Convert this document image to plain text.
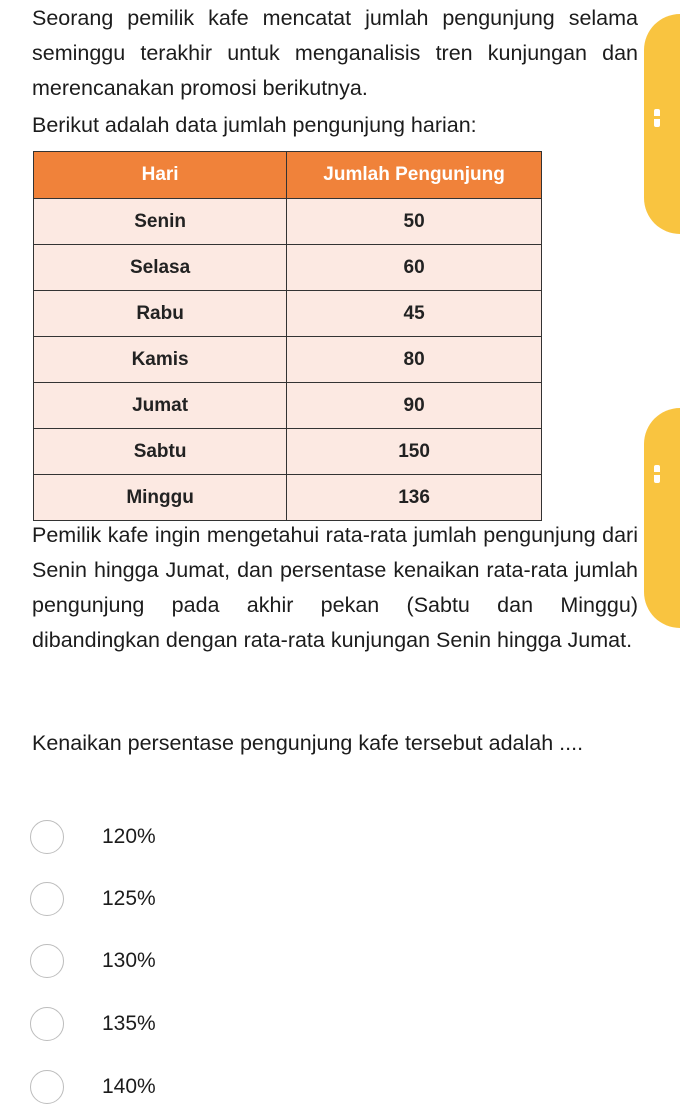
Seorang pemilik kafe mencatat jumlah pengunjung selama seminggu terakhir untuk menganalisis tren kunjungan dan merencanakan promosi berikutnya.

Berikut adalah data jumlah pengunjung harian:

Hari	Jumlah Pengunjung
Senin	50
Selasa	60
Rabu	45
Kamis	80
Jumat	90
Sabtu	150
Minggu	136

Pemilik kafe ingin mengetahui rata-rata jumlah pengunjung dari Senin hingga Jumat, dan persentase kenaikan rata-rata jumlah pengunjung pada akhir pekan (Sabtu dan Minggu) dibandingkan dengan rata-rata kunjungan Senin hingga Jumat.

Kenaikan persentase pengunjung kafe tersebut adalah ....

120%
125%
130%
135%
140%
